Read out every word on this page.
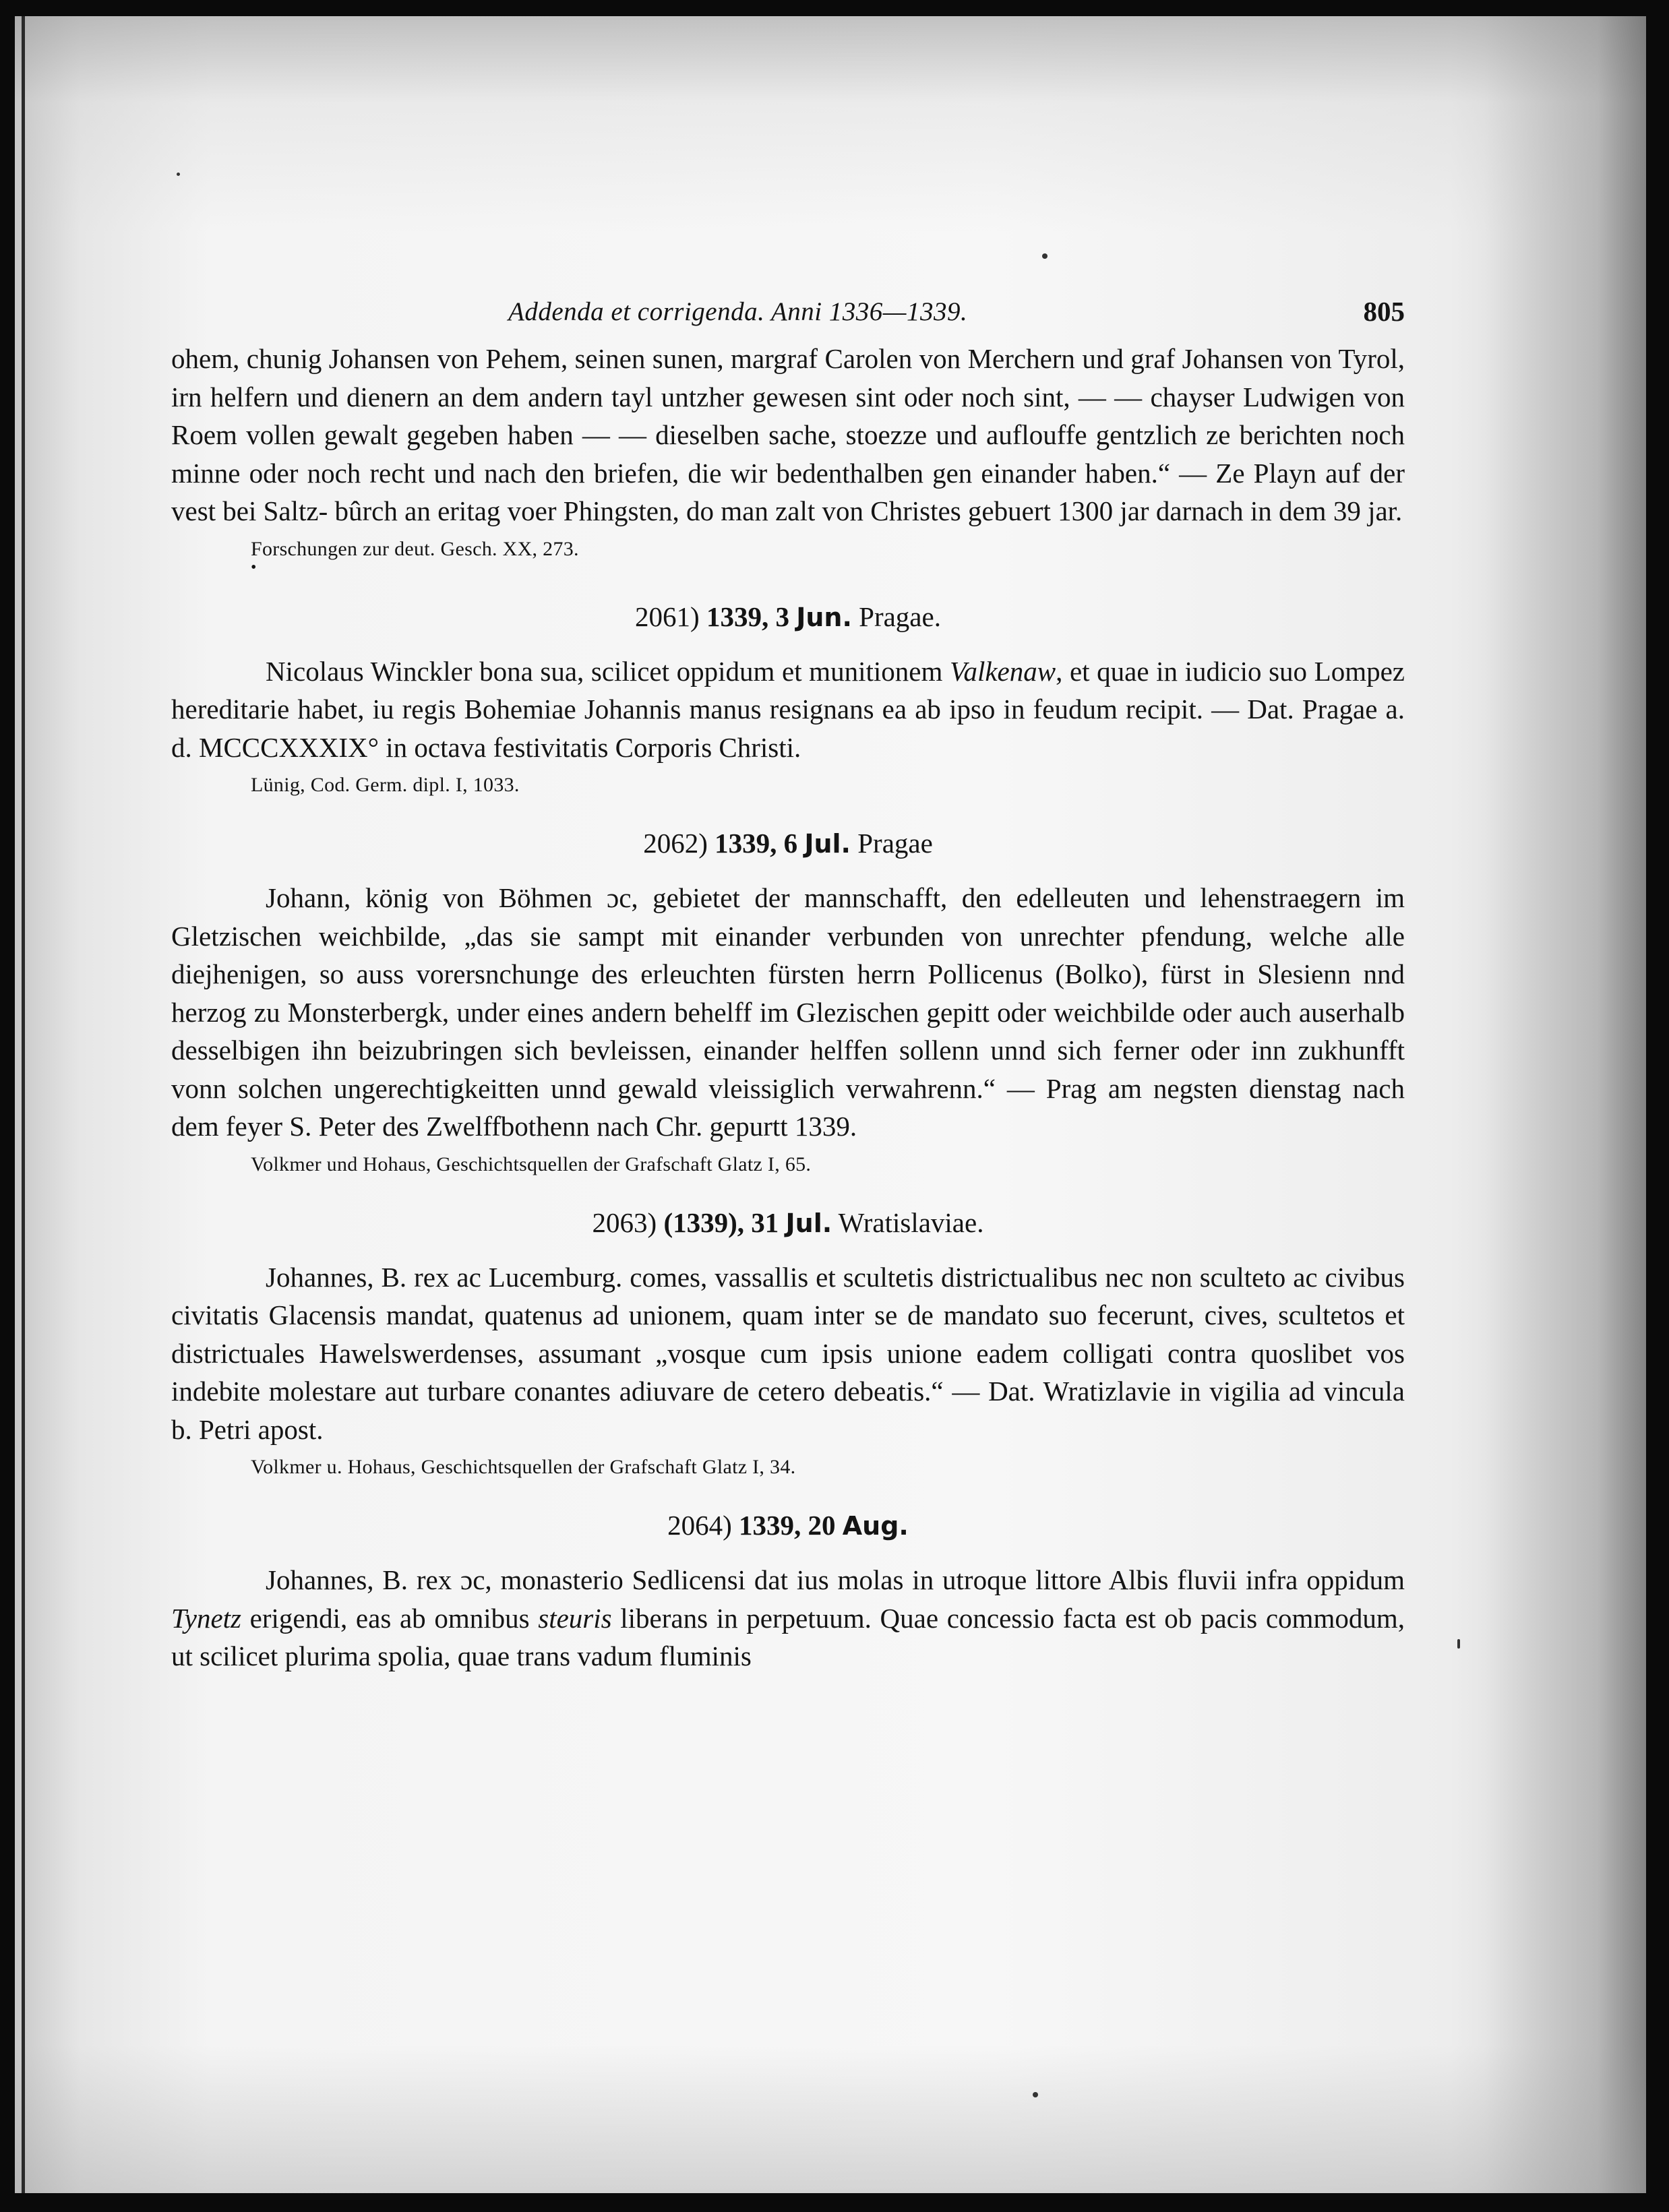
Addenda et corrigenda. Anni 1336—1339.	805

ohem, chunig Johansen von Pehem, seinen sunen, margraf Carolen von Merchern und graf Johansen von Tyrol, irn helfern und dienern an dem andern tayl untzher gewesen sint oder noch sint, — — chayser Ludwigen von Roem vollen gewalt gegeben haben — — dieselben sache, stoezze und auflouffe gentzlich ze berichten noch minne oder noch recht und nach den briefen, die wir bedenthalben gen einander haben.“ — Ze Playn auf der vest bei Saltz- bûrch an eritag voer Phingsten, do man zalt von Christes gebuert 1300 jar darnach in dem 39 jar.

Forschungen zur deut. Gesch. XX, 273.
•
2061) 1339, 3 Jun. Pragae.

Nicolaus Winckler bona sua, scilicet oppidum et munitionem Valkenaw, et quae in iudicio suo Lompez hereditarie habet, iu regis Bohemiae Johannis manus resignans ea ab ipso in feudum recipit. — Dat. Pragae a. d. MCCCXXXIX° in octava festivitatis Corporis Christi.

Lünig, Cod. Germ. dipl. I, 1033.
2062) 1339, 6 Jul. Pragae

Johann, könig von Böhmen ɔc, gebietet der mannschafft, den edelleuten und lehenstraegern im Gletzischen weichbilde, „das sie sampt mit einander verbunden von unrechter pfendung, welche alle diejhenigen, so auss vorersnchunge des erleuchten fürsten herrn Pollicenus (Bolko), fürst in Slesienn nnd herzog zu Monsterbergk, under eines andern behelff im Glezischen gepitt oder weichbilde oder auch auserhalb desselbigen ihn beizubringen sich bevleissen, einander helffen sollenn unnd sich ferner oder inn zukhunfft vonn solchen ungerechtigkeitten unnd gewald vleissiglich verwahrenn.“ — Prag am negsten dienstag nach dem feyer S. Peter des Zwelffbothenn nach Chr. gepurtt 1339.

Volkmer und Hohaus, Geschichtsquellen der Grafschaft Glatz I, 65.
2063) (1339), 31 Jul. Wratislaviae.

Johannes, B. rex ac Lucemburg. comes, vassallis et scultetis districtualibus nec non sculteto ac civibus civitatis Glacensis mandat, quatenus ad unionem, quam inter se de mandato suo fecerunt, cives, scultetos et districtuales Hawelswerdenses, assumant „vosque cum ipsis unione eadem colligati contra quoslibet vos indebite molestare aut turbare conantes adiuvare de cetero debeatis.“ — Dat. Wratizlavie in vigilia ad vincula b. Petri apost.

Volkmer u. Hohaus, Geschichtsquellen der Grafschaft Glatz I, 34.
2064) 1339, 20 Aug.

Johannes, B. rex ɔc, monasterio Sedlicensi dat ius molas in utroque littore Albis fluvii infra oppidum Tynetz erigendi, eas ab omnibus steuris liberans in perpetuum. Quae concessio facta est ob pacis commodum, ut scilicet plurima spolia, quae trans vadum fluminis
